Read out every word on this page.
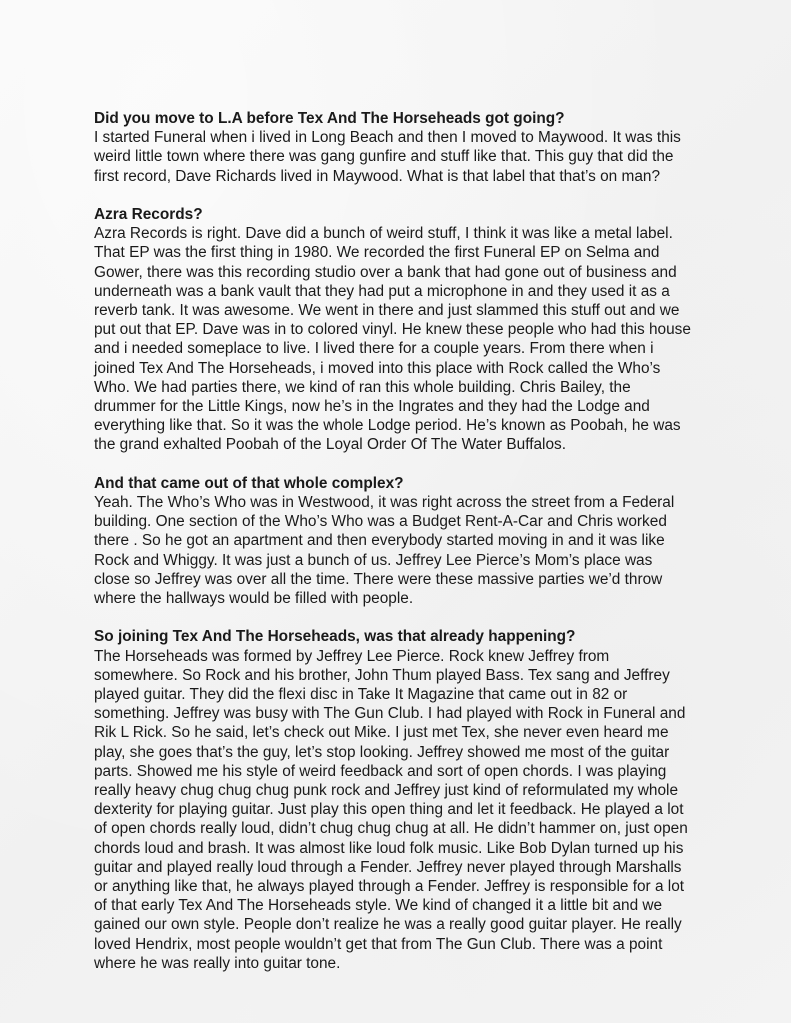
Did you move to L.A before Tex And The Horseheads got going?

I started Funeral when i lived in Long Beach and then I moved to Maywood. It was this
weird little town where there was gang gunfire and stuff like that. This guy that did the
first record, Dave Richards lived in Maywood. What is that label that that’s on man?

Azra Records?

Azra Records is right. Dave did a bunch of weird stuff, I think it was like a metal label.
That EP was the first thing in 1980. We recorded the first Funeral EP on Selma and
Gower, there was this recording studio over a bank that had gone out of business and
underneath was a bank vault that they had put a microphone in and they used it as a
reverb tank. It was awesome. We went in there and just slammed this stuff out and we
put out that EP. Dave was in to colored vinyl. He knew these people who had this house
and i needed someplace to live. I lived there for a couple years. From there when i
joined Tex And The Horseheads, i moved into this place with Rock called the Who’s
Who. We had parties there, we kind of ran this whole building. Chris Bailey, the
drummer for the Little Kings, now he’s in the Ingrates and they had the Lodge and
everything like that. So it was the whole Lodge period. He’s known as Poobah, he was
the grand exhalted Poobah of the Loyal Order Of The Water Buffalos.

And that came out of that whole complex?

Yeah. The Who’s Who was in Westwood, it was right across the street from a Federal
building. One section of the Who’s Who was a Budget Rent-A-Car and Chris worked
there . So he got an apartment and then everybody started moving in and it was like
Rock and Whiggy. It was just a bunch of us. Jeffrey Lee Pierce’s Mom’s place was
close so Jeffrey was over all the time. There were these massive parties we’d throw
where the hallways would be filled with people.

So joining Tex And The Horseheads, was that already happening?

The Horseheads was formed by Jeffrey Lee Pierce. Rock knew Jeffrey from
somewhere. So Rock and his brother, John Thum played Bass. Tex sang and Jeffrey
played guitar. They did the flexi disc in Take It Magazine that came out in 82 or
something. Jeffrey was busy with The Gun Club. I had played with Rock in Funeral and
Rik L Rick. So he said, let’s check out Mike. I just met Tex, she never even heard me
play, she goes that’s the guy, let’s stop looking. Jeffrey showed me most of the guitar
parts. Showed me his style of weird feedback and sort of open chords. I was playing
really heavy chug chug chug punk rock and Jeffrey just kind of reformulated my whole
dexterity for playing guitar. Just play this open thing and let it feedback. He played a lot
of open chords really loud, didn’t chug chug chug at all. He didn’t hammer on, just open
chords loud and brash. It was almost like loud folk music. Like Bob Dylan turned up his
guitar and played really loud through a Fender. Jeffrey never played through Marshalls
or anything like that, he always played through a Fender. Jeffrey is responsible for a lot
of that early Tex And The Horseheads style. We kind of changed it a little bit and we
gained our own style. People don’t realize he was a really good guitar player. He really
loved Hendrix, most people wouldn’t get that from The Gun Club. There was a point
where he was really into guitar tone.
